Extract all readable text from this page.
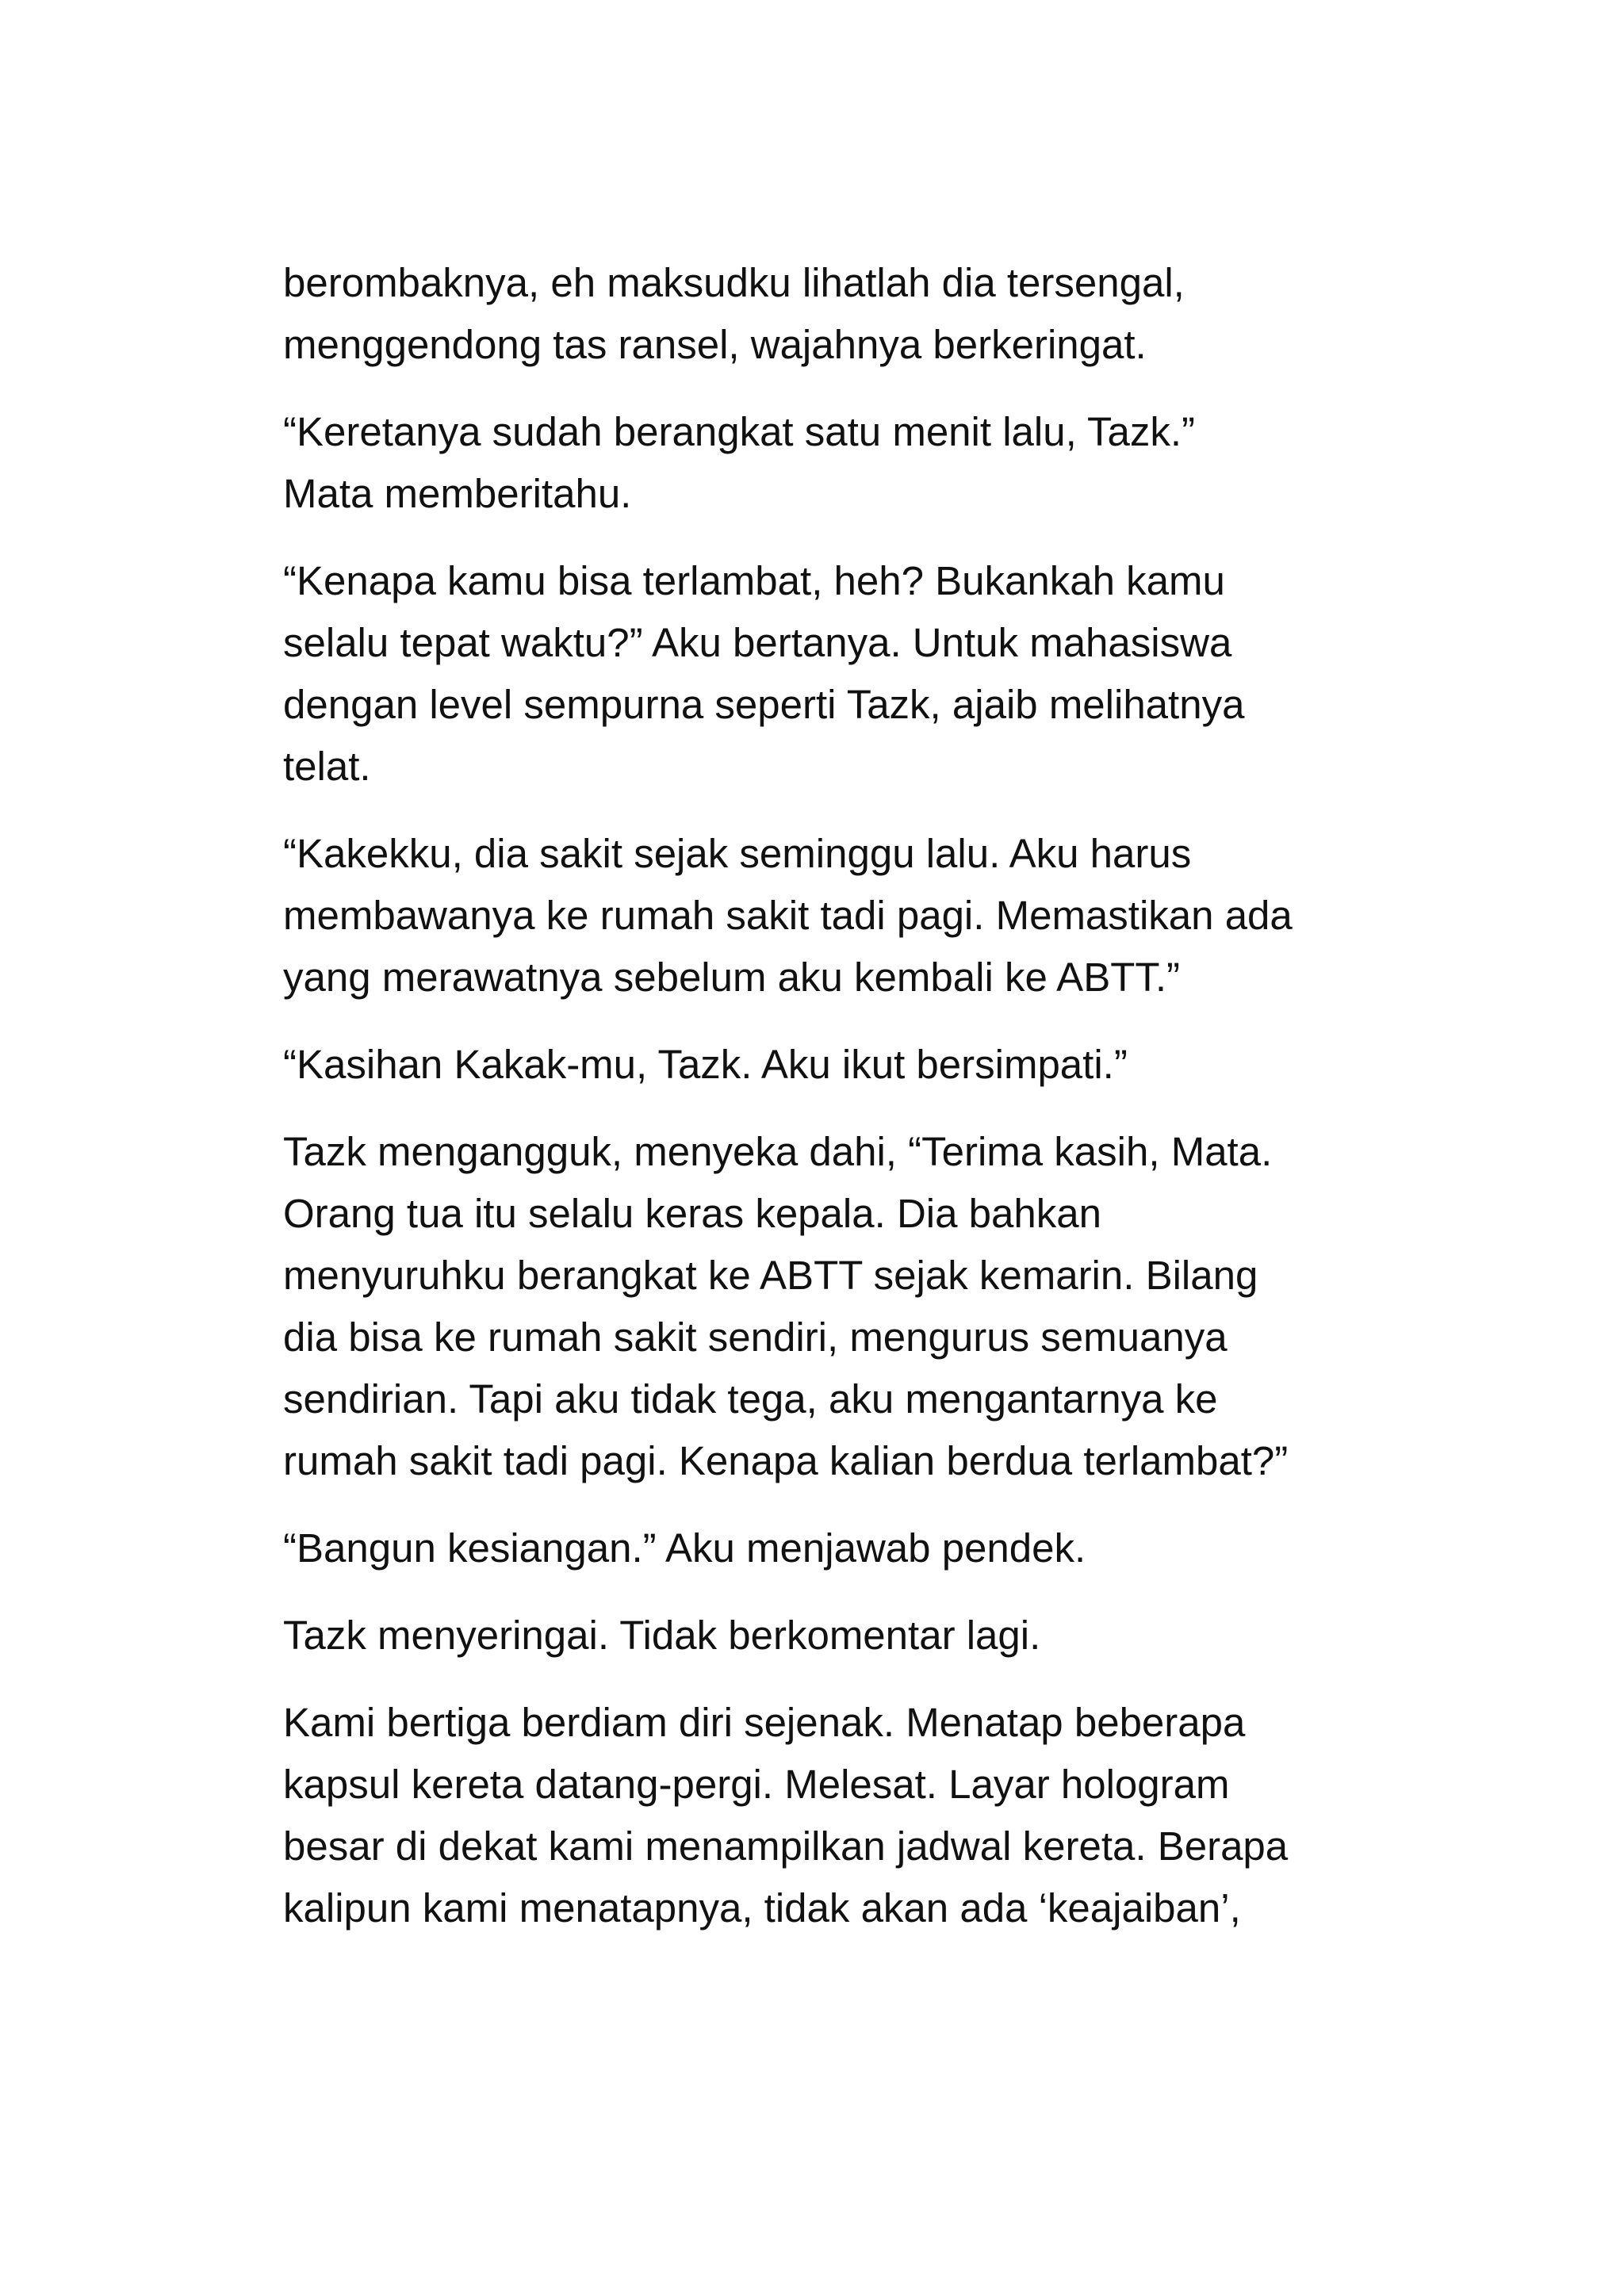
berombaknya, eh maksudku lihatlah dia tersengal,
menggendong tas ransel, wajahnya berkeringat.

“Keretanya sudah berangkat satu menit lalu, Tazk.”
Mata memberitahu.

“Kenapa kamu bisa terlambat, heh? Bukankah kamu
selalu tepat waktu?” Aku bertanya. Untuk mahasiswa
dengan level sempurna seperti Tazk, ajaib melihatnya
telat.

“Kakekku, dia sakit sejak seminggu lalu. Aku harus
membawanya ke rumah sakit tadi pagi. Memastikan ada
yang merawatnya sebelum aku kembali ke ABTT.”

“Kasihan Kakak-mu, Tazk. Aku ikut bersimpati.”

Tazk mengangguk, menyeka dahi, “Terima kasih, Mata.
Orang tua itu selalu keras kepala. Dia bahkan
menyuruhku berangkat ke ABTT sejak kemarin. Bilang
dia bisa ke rumah sakit sendiri, mengurus semuanya
sendirian. Tapi aku tidak tega, aku mengantarnya ke
rumah sakit tadi pagi. Kenapa kalian berdua terlambat?”

“Bangun kesiangan.” Aku menjawab pendek.

Tazk menyeringai. Tidak berkomentar lagi.

Kami bertiga berdiam diri sejenak. Menatap beberapa
kapsul kereta datang-pergi. Melesat. Layar hologram
besar di dekat kami menampilkan jadwal kereta. Berapa
kalipun kami menatapnya, tidak akan ada ‘keajaiban’,
